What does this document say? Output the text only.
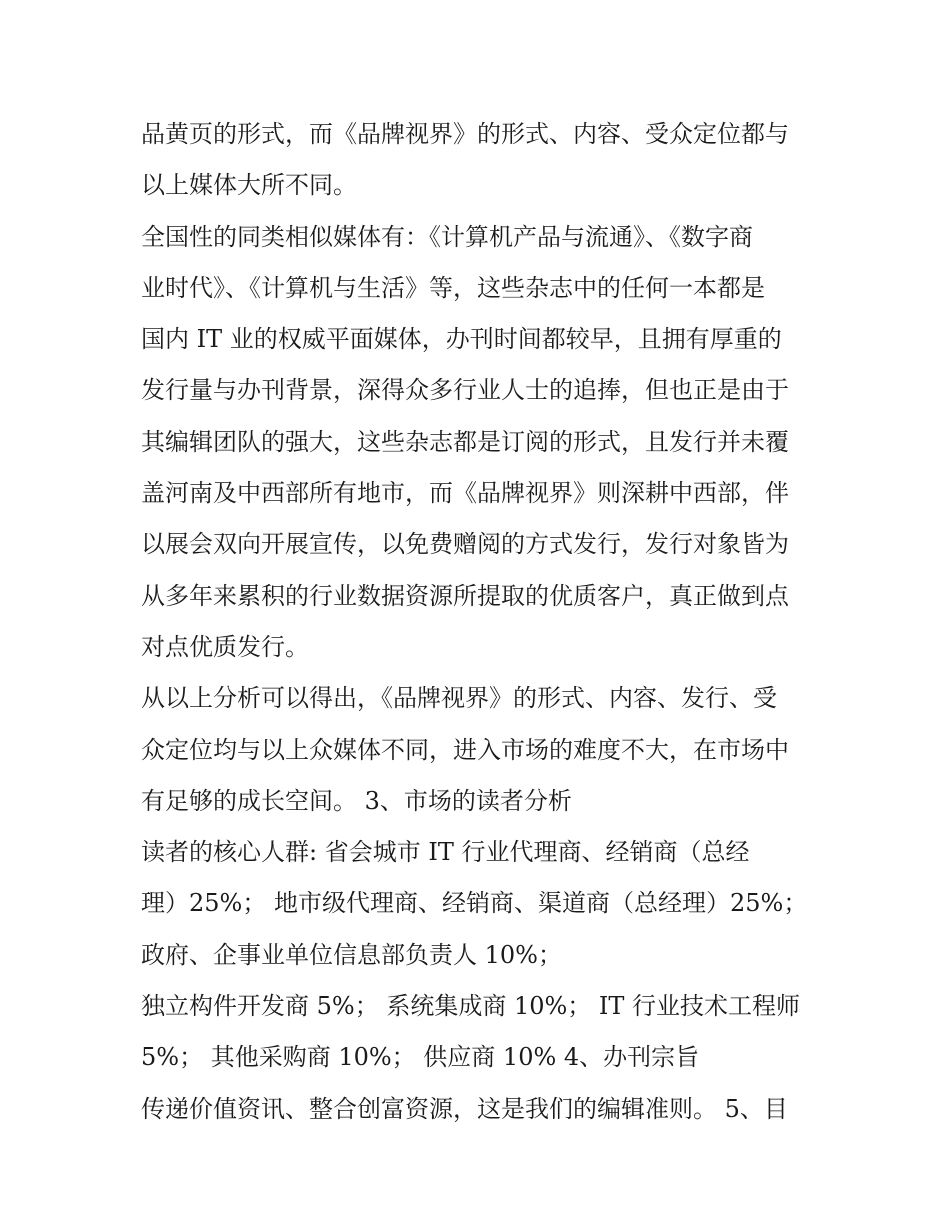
品黄页的形式，而《品牌视界》的形式、内容、受众定位都与
以上媒体大所不同。

全国性的同类相似媒体有：《计算机产品与流通》、《数字商
业时代》、《计算机与生活》等，这些杂志中的任何一本都是
国内 IT 业的权威平面媒体，办刊时间都较早，且拥有厚重的
发行量与办刊背景，深得众多行业人士的追捧，但也正是由于
其编辑团队的强大，这些杂志都是订阅的形式，且发行并未覆
盖河南及中西部所有地市，而《品牌视界》则深耕中西部，伴
以展会双向开展宣传，以免费赠阅的方式发行，发行对象皆为
从多年来累积的行业数据资源所提取的优质客户，真正做到点
对点优质发行。

从以上分析可以得出，《品牌视界》的形式、内容、发行、受
众定位均与以上众媒体不同，进入市场的难度不大，在市场中
有足够的成长空间。 3、市场的读者分析

读者的核心人群: 省会城市 IT 行业代理商、经销商（总经
理）25%； 地市级代理商、经销商、渠道商（总经理）25%；
政府、企事业单位信息部负责人 10%；

独立构件开发商 5%； 系统集成商 10%； IT 行业技术工程师
5%； 其他采购商 10%； 供应商 10% 4、办刊宗旨

传递价值资讯、整合创富资源，这是我们的编辑准则。 5、目
